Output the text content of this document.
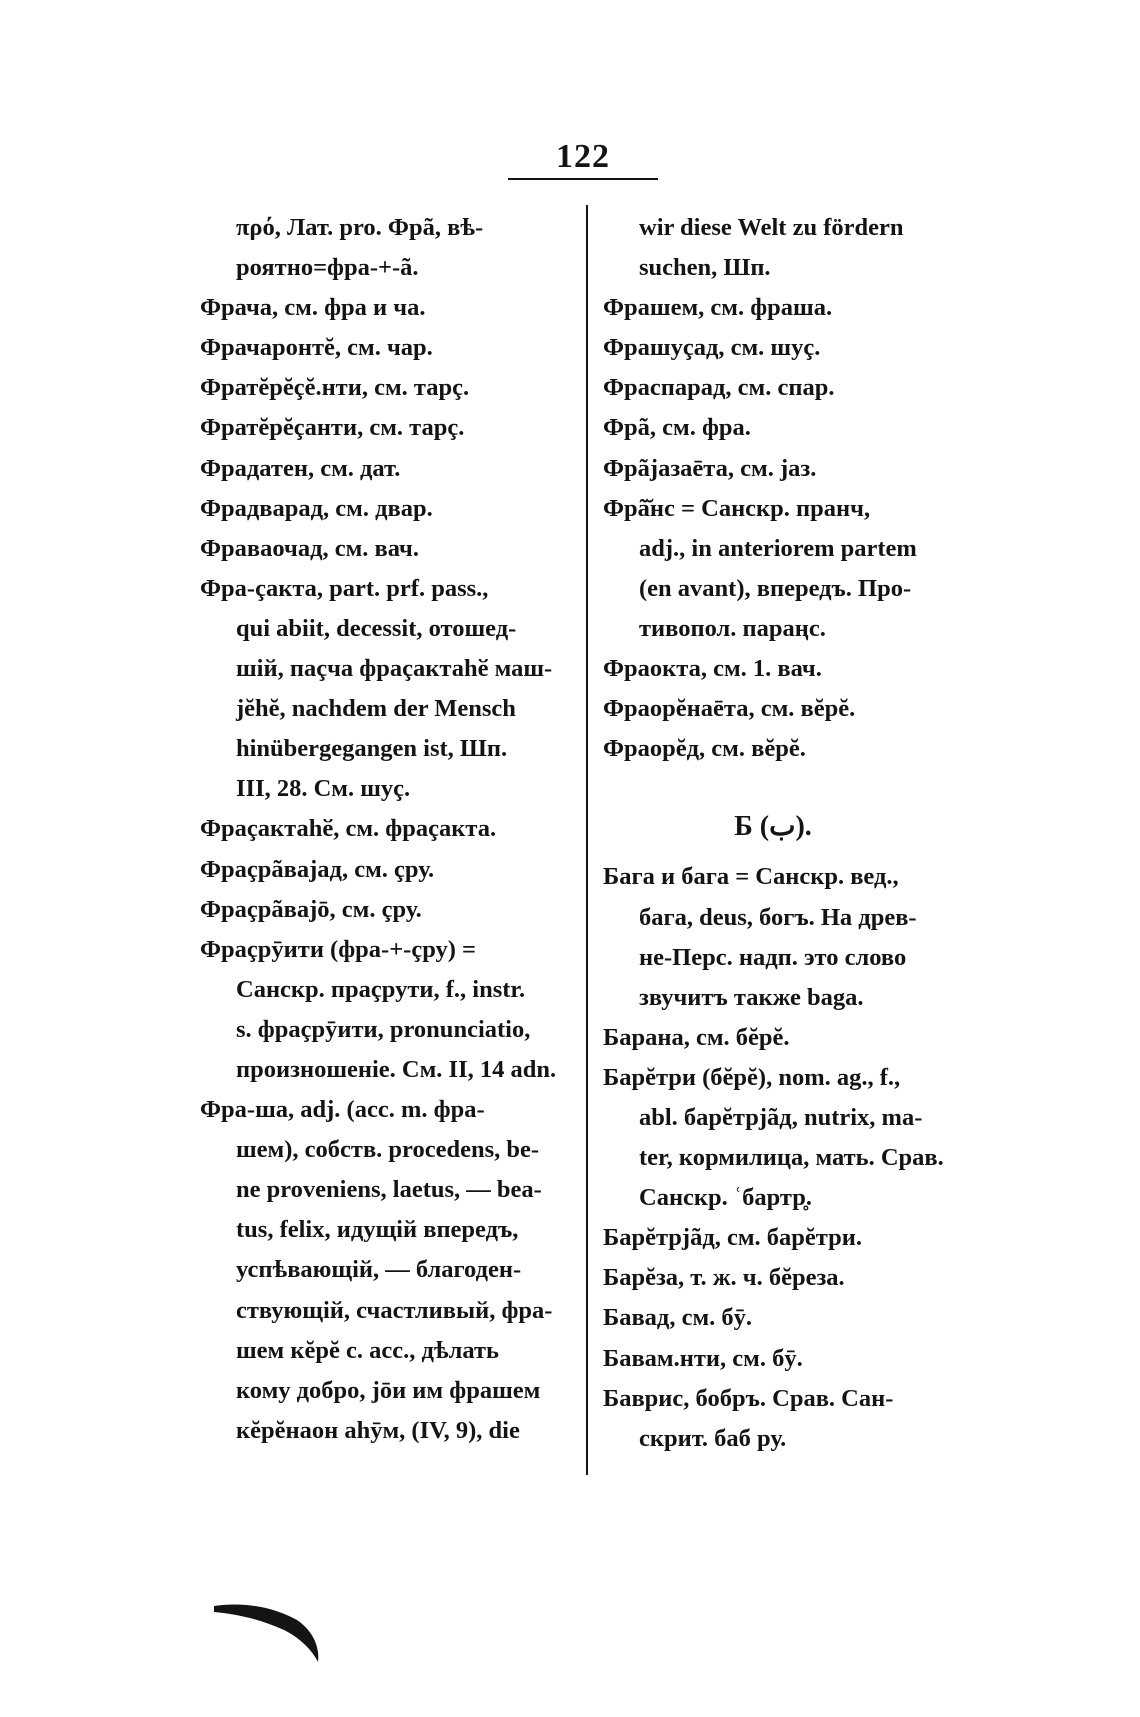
122
πρό, Лат. pro. Фрã, вѣ-
роятно=фра-+-ã.
Фрача, см. фра и ча.
Фрачаронтĕ, см. чар.
Фратĕрĕçĕ.нти, см. тарç.
Фратĕрĕçанти, см. тарç.
Фрадатен, см. дат.
Фрадварад, см. двар.
Фраваочад, см. вач.
Фра-çакта, part. prf. pass.,
qui abiit, decessit, отошед-
шій, паçча фраçактаhӗ маш-
jĕhĕ, nachdem der Mensch
hinübergegangen ist, Шп.
III, 28. См. шуç.
Фраçактаhӗ, см. фраçакта.
Фраçрãвајад, см. çру.
Фраçрãвајō, см. çру.
Фраçрӯити (фра-+-çру) =
Санскр. праçрути, f., instr.
s. фраçрӯити, pronunciatio,
произношеніе. См. II, 14 adn.
Фра-ша, adj. (acc. m. фра-
шем), собств. procedens, be-
ne proveniens, laetus, — bea-
tus, felix, идущій впередъ,
успѣвающій, — благоден-
ствующій, счастливый, фра-
шем кĕрĕ c. acc., дѣлать
кому добро, jōи им фрашем
кĕрĕнаон аhӯм, (IV, 9), die
wir diese Welt zu fördern
suchen, Шп.
Фрашем, см. фраша.
Фрашуçад, см. шуç.
Фраспарад, см. спар.
Фрã, см. фра.
Фрãјазаēта, см. jaз.
Фрã̆нс = Санскр. пранч,
adj., in anteriorem partem
(en avant), впередъ. Про-
тивопол. параңс.
Фраокта, см. 1. вач.
Фраорĕнаēта, см. вĕрĕ.
Фраорĕд, см. вĕрĕ.
Б (ب).
Бага и бага = Санскр. вед.,
бага, deus, богъ. На древ-
не-Перс. надп. это слово
звучитъ также baga.
Барана, см. бĕрĕ.
Барĕтри (бĕрĕ), nom. ag., f.,
abl. барĕтрјãд, nutrix, ma-
ter, кормилица, мать. Срав.
Санскр. ʿбартр̥.
Барĕтрјãд, см. барĕтри.
Барĕза, т. ж. ч. бĕреза.
Бавад, см. бӯ.
Бавам.нти, см. бӯ.
Бавpис, бобръ. Срав. Сан-
скрит. баб ру.
